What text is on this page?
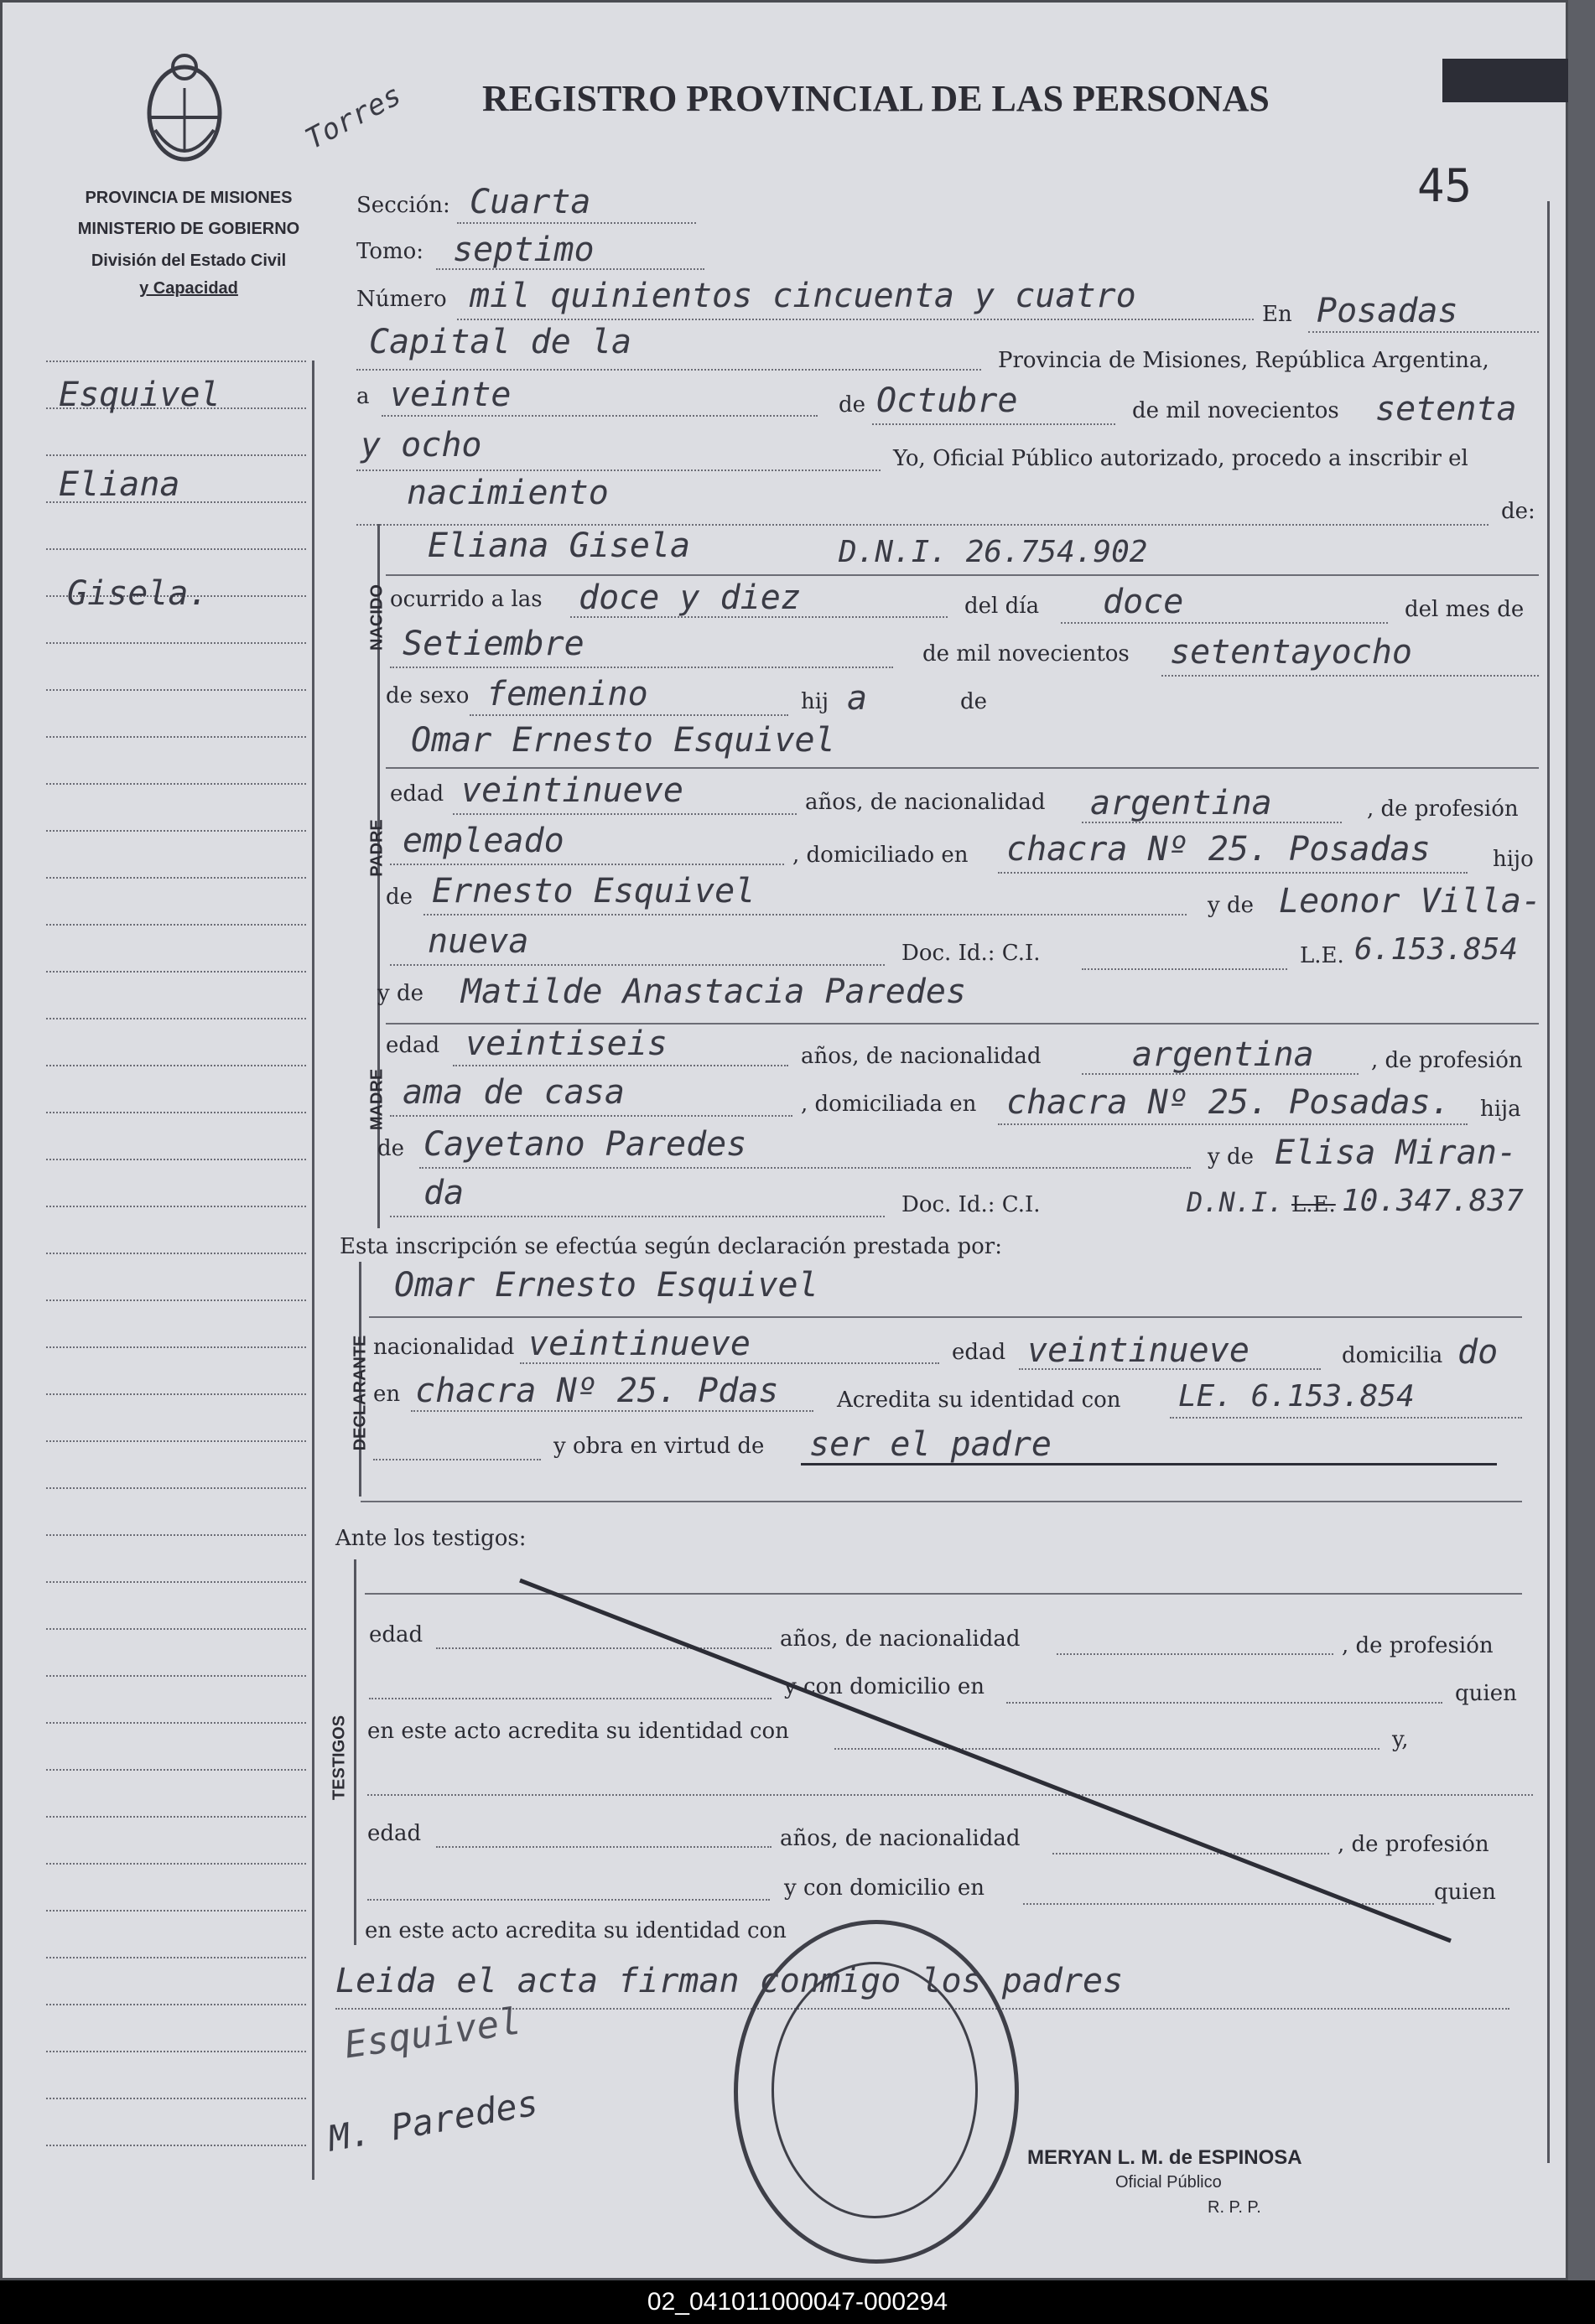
REGISTRO PROVINCIAL DE LAS PERSONAS
Torres
45
PROVINCIA DE MISIONES
MINISTERIO DE GOBIERNO
División del Estado Civil
y Capacidad
Esquivel
Eliana
Gisela.
Sección: Cuarta
Tomo: septimo
Número mil quinientos cincuenta y cuatro	En Posadas
Capital de la	Provincia de Misiones, República Argentina,
a veinte	de Octubre	de mil novecientos setenta
y ocho	Yo, Oficial Público autorizado, procedo a inscribir el
nacimiento	de:
NACIDO
Eliana Gisela	D.N.I. 26.754.902
ocurrido a las doce y diez	del día doce	del mes de
Setiembre	de mil novecientos setentayocho
de sexo femenino	hij a	de
PADRE
Omar Ernesto Esquivel
edad veintinueve	años, de nacionalidad argentina	, de profesión
empleado	, domiciliado en chacra Nº 25. Posadas	hijo
de Ernesto Esquivel	y de Leonor Villa-
nueva	Doc. Id.: C.I.	L.E. 6.153.854
MADRE
y de Matilde Anastacia Paredes
edad veintiseis	años, de nacionalidad	argentina	, de profesión
ama de casa	, domiciliada en chacra Nº 25. Posadas. hija
de Cayetano Paredes	y de Elisa Miran-
da	Doc. Id.: C.I.	D.N.I. L.E. 10.347.837
Esta inscripción se efectúa según declaración prestada por:
DECLARANTE
Omar Ernesto Esquivel
nacionalidad veintinueve	edad veintinueve	domicilia do
en chacra Nº 25. Pdas	Acredita su identidad con LE. 6.153.854
y obra en virtud de ser el padre
Ante los testigos:
TESTIGOS
edad	años, de nacionalidad	, de profesión
y con domicilio en	quien
en este acto acredita su identidad con	y,
edad	años, de nacionalidad	, de profesión
y con domicilio en	quien
en este acto acredita su identidad con
Leida el acta firman conmigo los padres
Esquivel
M. Paredes	MERYAN L. M. de ESPINOSA
Oficial Público
R. P. P.
02_041011000047-000294
